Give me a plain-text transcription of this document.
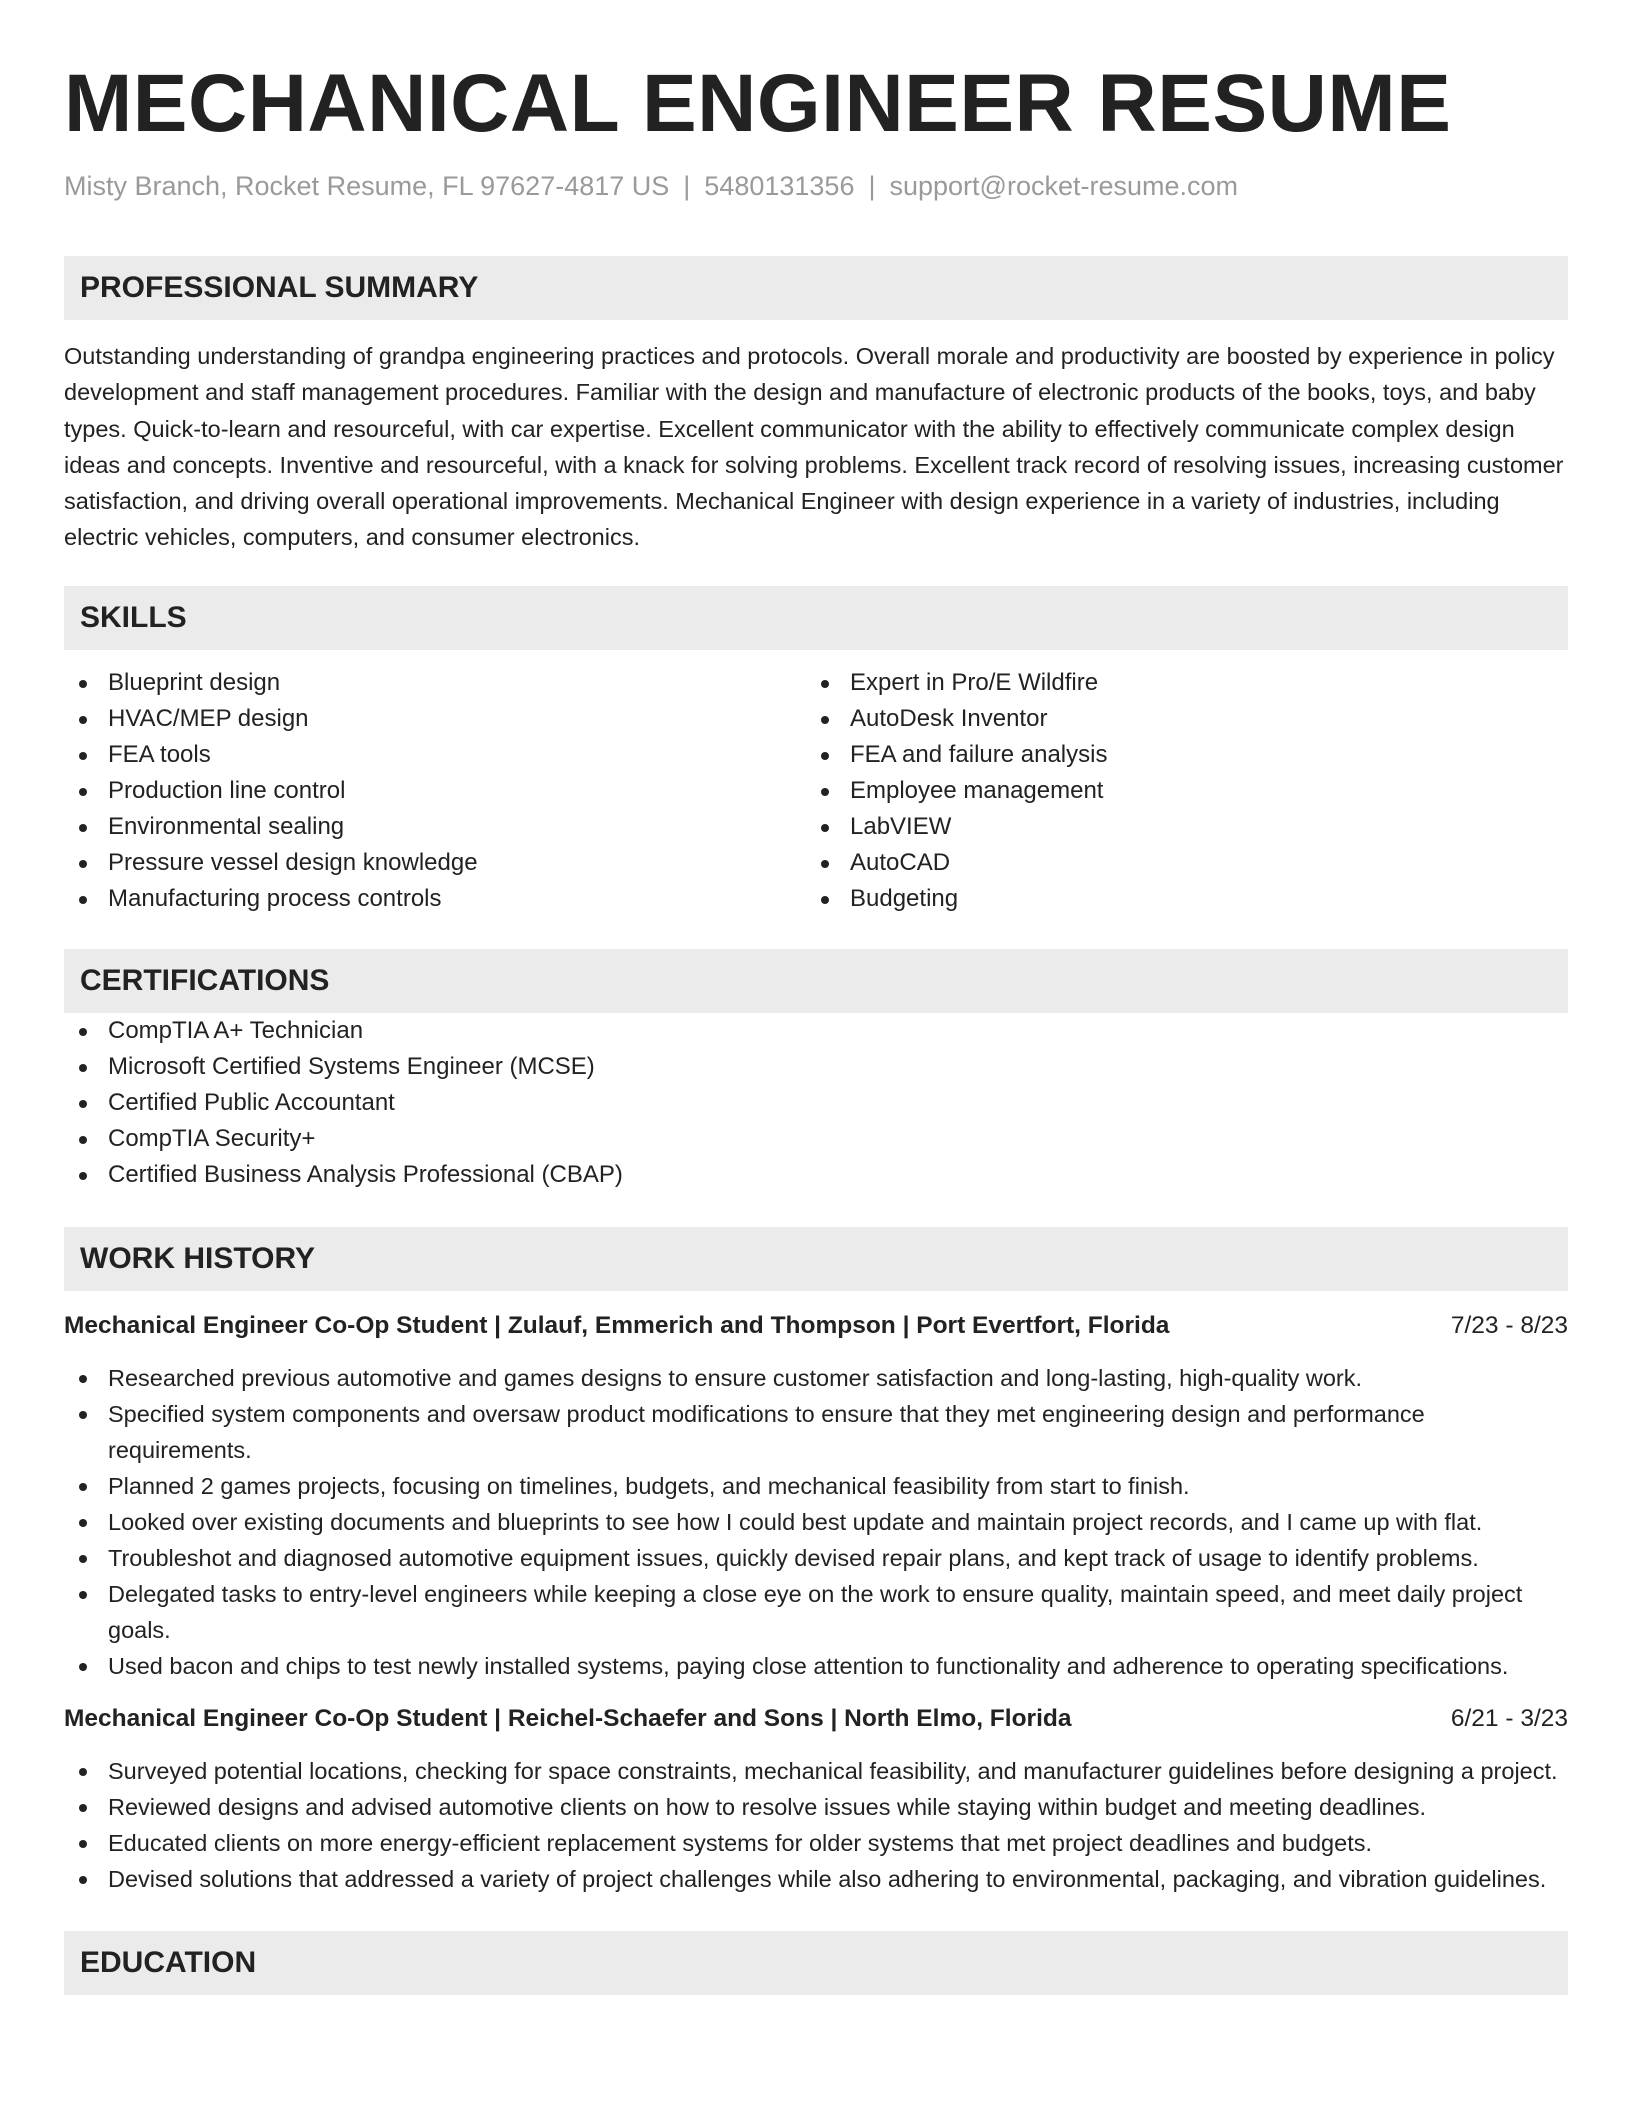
MECHANICAL ENGINEER RESUME
Misty Branch, Rocket Resume, FL 97627-4817 US | 5480131356 | support@rocket-resume.com
PROFESSIONAL SUMMARY

Outstanding understanding of grandpa engineering practices and protocols. Overall morale and productivity are boosted by experience in policy development and staff management procedures. Familiar with the design and manufacture of electronic products of the books, toys, and baby types. Quick-to-learn and resourceful, with car expertise. Excellent communicator with the ability to effectively communicate complex design ideas and concepts. Inventive and resourceful, with a knack for solving problems. Excellent track record of resolving issues, increasing customer satisfaction, and driving overall operational improvements. Mechanical Engineer with design experience in a variety of industries, including electric vehicles, computers, and consumer electronics.

SKILLS
Blueprint design
HVAC/MEP design
FEA tools
Production line control
Environmental sealing
Pressure vessel design knowledge
Manufacturing process controls
Expert in Pro/E Wildfire
AutoDesk Inventor
FEA and failure analysis
Employee management
LabVIEW
AutoCAD
Budgeting
CERTIFICATIONS
CompTIA A+ Technician
Microsoft Certified Systems Engineer (MCSE)
Certified Public Accountant
CompTIA Security+
Certified Business Analysis Professional (CBAP)
WORK HISTORY
Mechanical Engineer Co-Op Student | Zulauf, Emmerich and Thompson | Port Evertfort, Florida	7/23 - 8/23
Researched previous automotive and games designs to ensure customer satisfaction and long-lasting, high-quality work.
Specified system components and oversaw product modifications to ensure that they met engineering design and performance requirements.
Planned 2 games projects, focusing on timelines, budgets, and mechanical feasibility from start to finish.
Looked over existing documents and blueprints to see how I could best update and maintain project records, and I came up with flat.
Troubleshot and diagnosed automotive equipment issues, quickly devised repair plans, and kept track of usage to identify problems.
Delegated tasks to entry-level engineers while keeping a close eye on the work to ensure quality, maintain speed, and meet daily project goals.
Used bacon and chips to test newly installed systems, paying close attention to functionality and adherence to operating specifications.
Mechanical Engineer Co-Op Student | Reichel-Schaefer and Sons | North Elmo, Florida	6/21 - 3/23
Surveyed potential locations, checking for space constraints, mechanical feasibility, and manufacturer guidelines before designing a project.
Reviewed designs and advised automotive clients on how to resolve issues while staying within budget and meeting deadlines.
Educated clients on more energy-efficient replacement systems for older systems that met project deadlines and budgets.
Devised solutions that addressed a variety of project challenges while also adhering to environmental, packaging, and vibration guidelines.
EDUCATION
